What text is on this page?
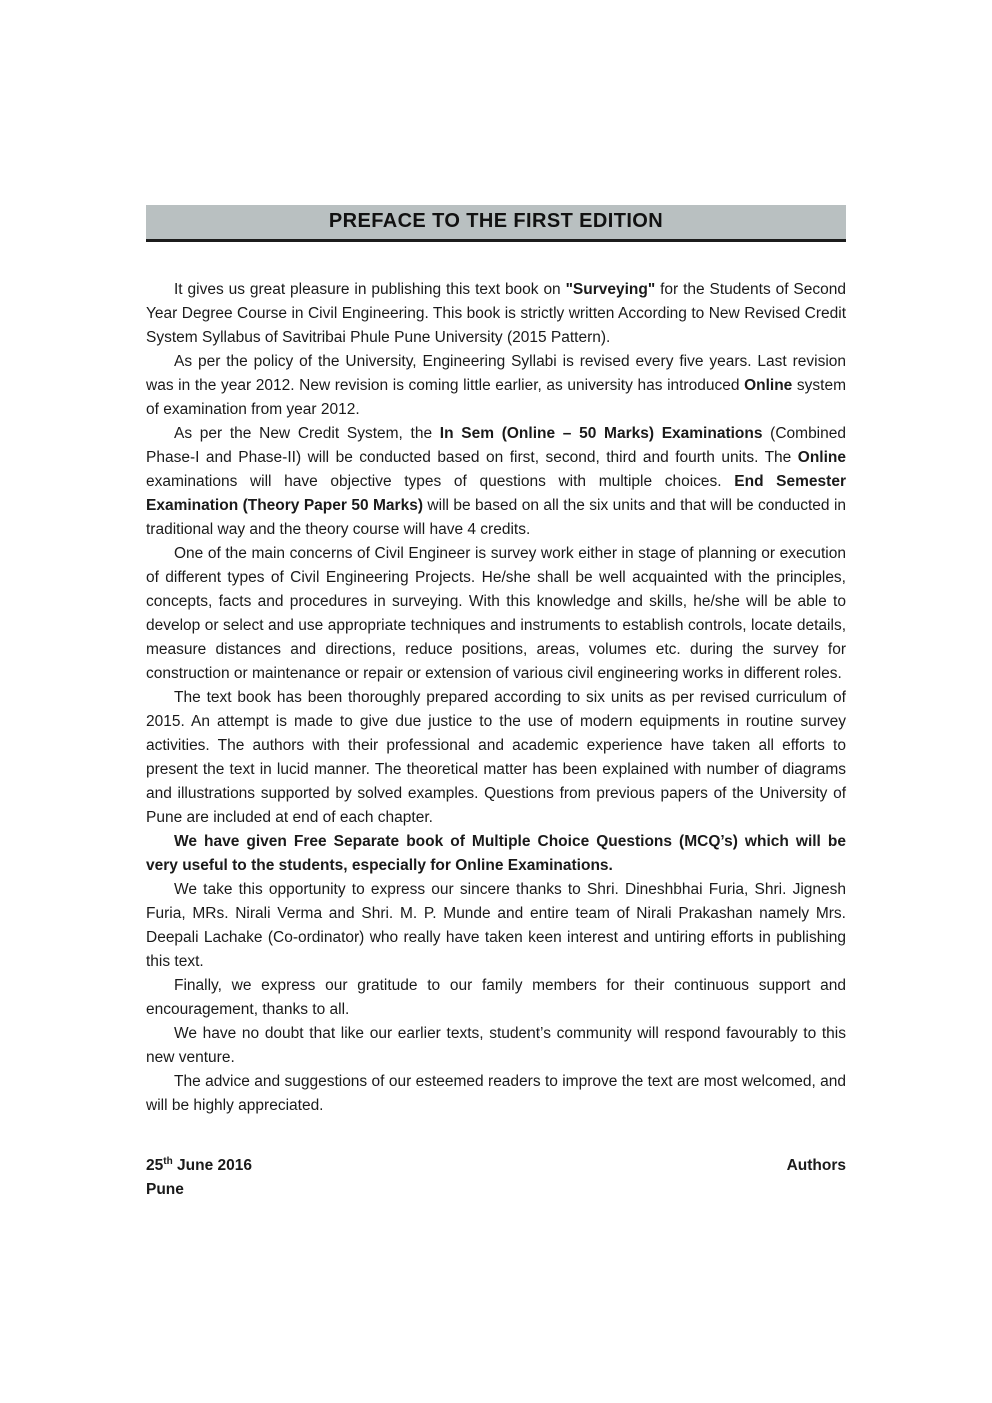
PREFACE TO THE FIRST EDITION

It gives us great pleasure in publishing this text book on "Surveying" for the Students of Second Year Degree Course in Civil Engineering. This book is strictly written According to New Revised Credit System Syllabus of Savitribai Phule Pune University (2015 Pattern).

As per the policy of the University, Engineering Syllabi is revised every five years. Last revision was in the year 2012. New revision is coming little earlier, as university has introduced Online system of examination from year 2012.

As per the New Credit System, the In Sem (Online – 50 Marks) Examinations (Combined Phase-I and Phase-II) will be conducted based on first, second, third and fourth units. The Online examinations will have objective types of questions with multiple choices. End Semester Examination (Theory Paper 50 Marks) will be based on all the six units and that will be conducted in traditional way and the theory course will have 4 credits.

One of the main concerns of Civil Engineer is survey work either in stage of planning or execution of different types of Civil Engineering Projects. He/she shall be well acquainted with the principles, concepts, facts and procedures in surveying. With this knowledge and skills, he/she will be able to develop or select and use appropriate techniques and instruments to establish controls, locate details, measure distances and directions, reduce positions, areas, volumes etc. during the survey for construction or maintenance or repair or extension of various civil engineering works in different roles.

The text book has been thoroughly prepared according to six units as per revised curriculum of 2015. An attempt is made to give due justice to the use of modern equipments in routine survey activities. The authors with their professional and academic experience have taken all efforts to present the text in lucid manner. The theoretical matter has been explained with number of diagrams and illustrations supported by solved examples. Questions from previous papers of the University of Pune are included at end of each chapter.

We have given Free Separate book of Multiple Choice Questions (MCQ’s) which will be very useful to the students, especially for Online Examinations.

We take this opportunity to express our sincere thanks to Shri. Dineshbhai Furia, Shri. Jignesh Furia, MRs. Nirali Verma and Shri. M. P. Munde and entire team of Nirali Prakashan namely Mrs. Deepali Lachake (Co-ordinator) who really have taken keen interest and untiring efforts in publishing this text.

Finally, we express our gratitude to our family members for their continuous support and encouragement, thanks to all.

We have no doubt that like our earlier texts, student’s community will respond favourably to this new venture.

The advice and suggestions of our esteemed readers to improve the text are most welcomed, and will be highly appreciated.

25th June 2016	Authors
Pune
